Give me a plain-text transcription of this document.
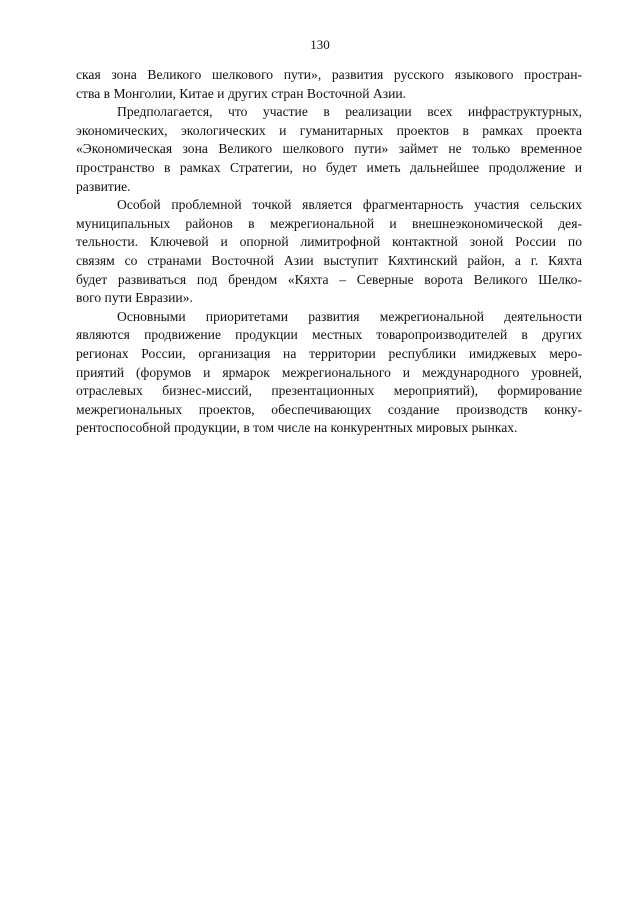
130
ская зона Великого шелкового пути», развития русского языкового простран-
ства в Монголии, Китае и других стран Восточной Азии.
Предполагается, что участие в реализации всех инфраструктурных,
экономических, экологических и гуманитарных проектов в рамках проекта
«Экономическая зона Великого шелкового пути» займет не только временное
пространство в рамках Стратегии, но будет иметь дальнейшее продолжение и
развитие.
Особой проблемной точкой является фрагментарность участия сельских
муниципальных районов в межрегиональной и внешнеэкономической дея-
тельности. Ключевой и опорной лимитрофной контактной зоной России по
связям со странами Восточной Азии выступит Кяхтинский район, а г. Кяхта
будет развиваться под брендом «Кяхта – Северные ворота Великого Шелко-
вого пути Евразии».
Основными приоритетами развития межрегиональной деятельности
являются продвижение продукции местных товаропроизводителей в других
регионах России, организация на территории республики имиджевых меро-
приятий (форумов и ярмарок межрегионального и международного уровней,
отраслевых бизнес-миссий, презентационных мероприятий), формирование
межрегиональных проектов, обеспечивающих создание производств конку-
рентоспособной продукции, в том числе на конкурентных мировых рынках.
